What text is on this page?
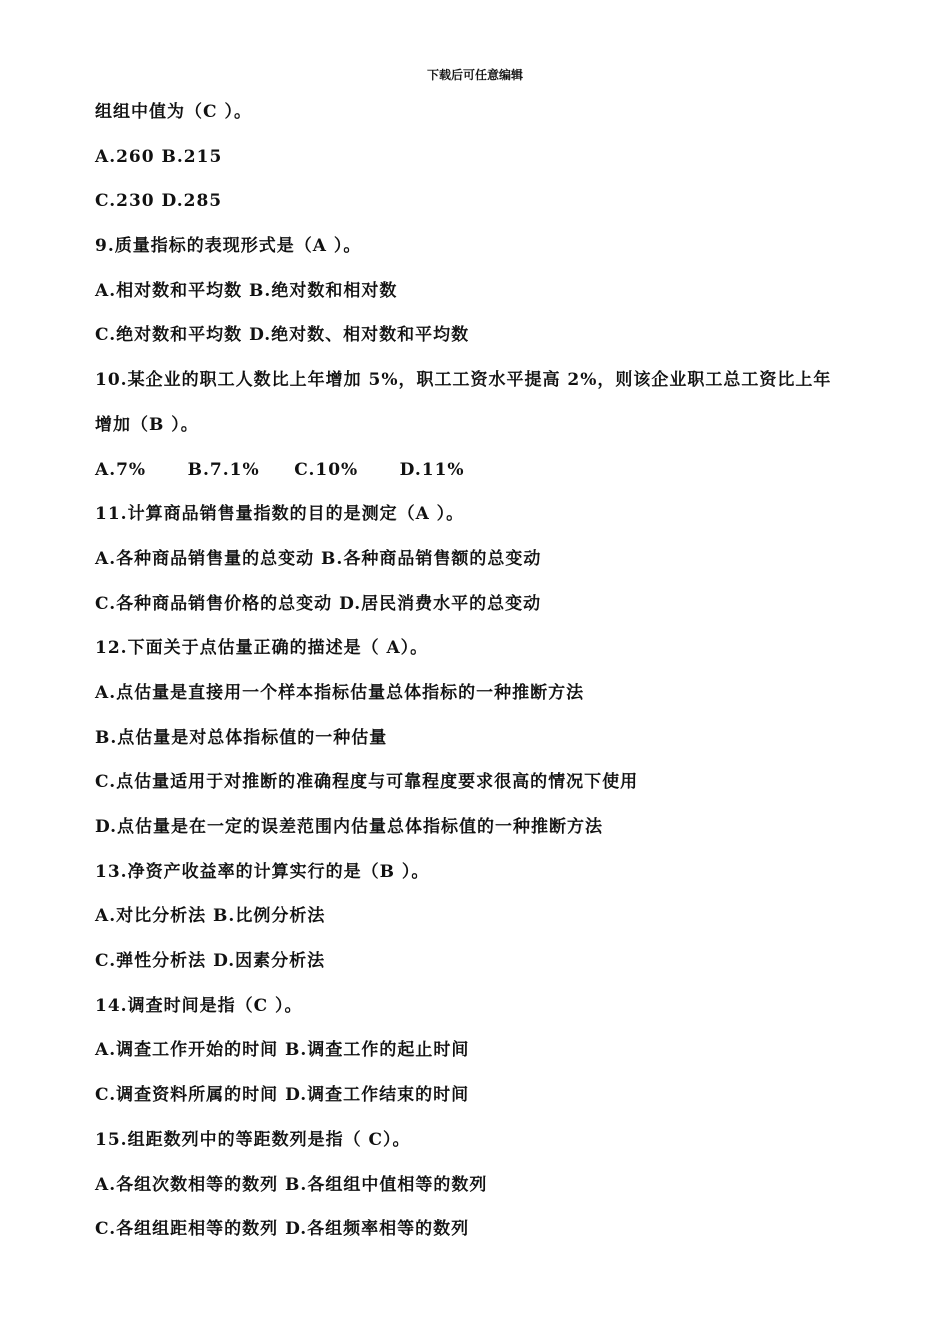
下载后可任意编辑
组组中值为（C ）。
A.260 B.215
C.230 D.285
9.质量指标的表现形式是（A ）。
A.相对数和平均数 B.绝对数和相对数
C.绝对数和平均数 D.绝对数、相对数和平均数
10.某企业的职工人数比上年增加 5%，职工工资水平提高 2%，则该企业职工总工资比上年
增加（B ）。
A.7%      B.7.1%     C.10%      D.11%
11.计算商品销售量指数的目的是测定（A ）。
A.各种商品销售量的总变动 B.各种商品销售额的总变动
C.各种商品销售价格的总变动 D.居民消费水平的总变动
12.下面关于点估量正确的描述是（ A）。
A.点估量是直接用一个样本指标估量总体指标的一种推断方法
B.点估量是对总体指标值的一种估量
C.点估量适用于对推断的准确程度与可靠程度要求很高的情况下使用
D.点估量是在一定的误差范围内估量总体指标值的一种推断方法
13.净资产收益率的计算实行的是（B ）。
A.对比分析法 B.比例分析法
C.弹性分析法 D.因素分析法
14.调查时间是指（C ）。
A.调查工作开始的时间 B.调查工作的起止时间
C.调查资料所属的时间 D.调查工作结束的时间
15.组距数列中的等距数列是指（ C）。
A.各组次数相等的数列 B.各组组中值相等的数列
C.各组组距相等的数列 D.各组频率相等的数列
